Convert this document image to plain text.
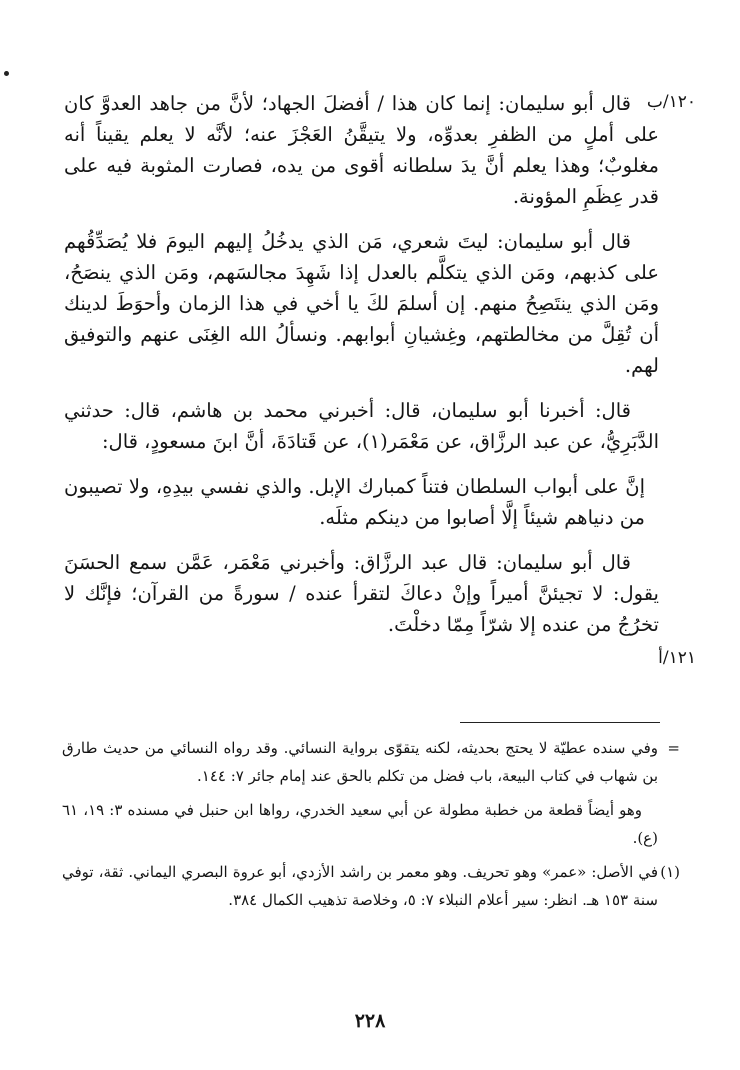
١٢٠/ب
١٢١/أ

قال أبو سليمان: إنما كان هذا / أفضلَ الجهاد؛ لأنَّ من جاهد العدوَّ كان على أملٍ من الظفرِ بعدوِّه، ولا يتيقَّنُ العَجْزَ عنه؛ لأنَّه لا يعلم يقيناً أنه مغلوبٌ؛ وهذا يعلم أنَّ يدَ سلطانه أقوى من يده، فصارت المثوبة فيه على قدر عِظَمِ المؤونة.

قال أبو سليمان: ليتَ شعري، مَن الذي يدخُلُ إليهم اليومَ فلا يُصَدِّقُهم على كذبهم، ومَن الذي يتكلَّم بالعدل إذا شَهِدَ مجالسَهم، ومَن الذي ينصَحُ، ومَن الذي ينتَصِحُ منهم. إن أسلمَ لكَ يا أخي في هذا الزمان وأحوَطَ لدينك أن تُقِلَّ من مخالطتهم، وغِشيانِ أبوابهم. ونسألُ الله الغِنَى عنهم والتوفيق لهم.

قال: أخبرنا أبو سليمان، قال: أخبرني محمد بن هاشم، قال: حدثني الدَّبَرِيُّ، عن عبد الرزَّاق، عن مَعْمَر(١)، عن قَتادَةَ، أنَّ ابنَ مسعودٍ، قال:

إنَّ على أبواب السلطان فتناً كمبارك الإبل. والذي نفسي بيدِهِ، ولا تصيبون من دنياهم شيئاً إلَّا أصابوا من دينكم مثلَه.

قال أبو سليمان: قال عبد الرزَّاق: وأخبرني مَعْمَر، عَمَّن سمع الحسَنَ يقول: لا تجيئنَّ أميراً وإنْ دعاكَ لتقرأ عنده / سورةً من القرآن؛ فإنَّك لا تخرُجُ من عنده إلا شرّاً مِمّا دخلْتَ.

=
وفي سنده عطيّة لا يحتج بحديثه، لكنه يتقوّى برواية النسائي. وقد رواه النسائي من حديث طارق بن شهاب في كتاب البيعة، باب فضل من تكلم بالحق عند إمام جائر ٧: ١٤٤.

وهو أيضاً قطعة من خطبة مطولة عن أبي سعيد الخدري، رواها ابن حنبل في مسنده ٣: ١٩، ٦١ (ع).

(١)
في الأصل: «عمر» وهو تحريف. وهو معمر بن راشد الأزدي، أبو عروة البصري اليماني. ثقة، توفي سنة ١٥٣ هـ. انظر: سير أعلام النبلاء ٧: ٥، وخلاصة تذهيب الكمال ٣٨٤.

٢٢٨
